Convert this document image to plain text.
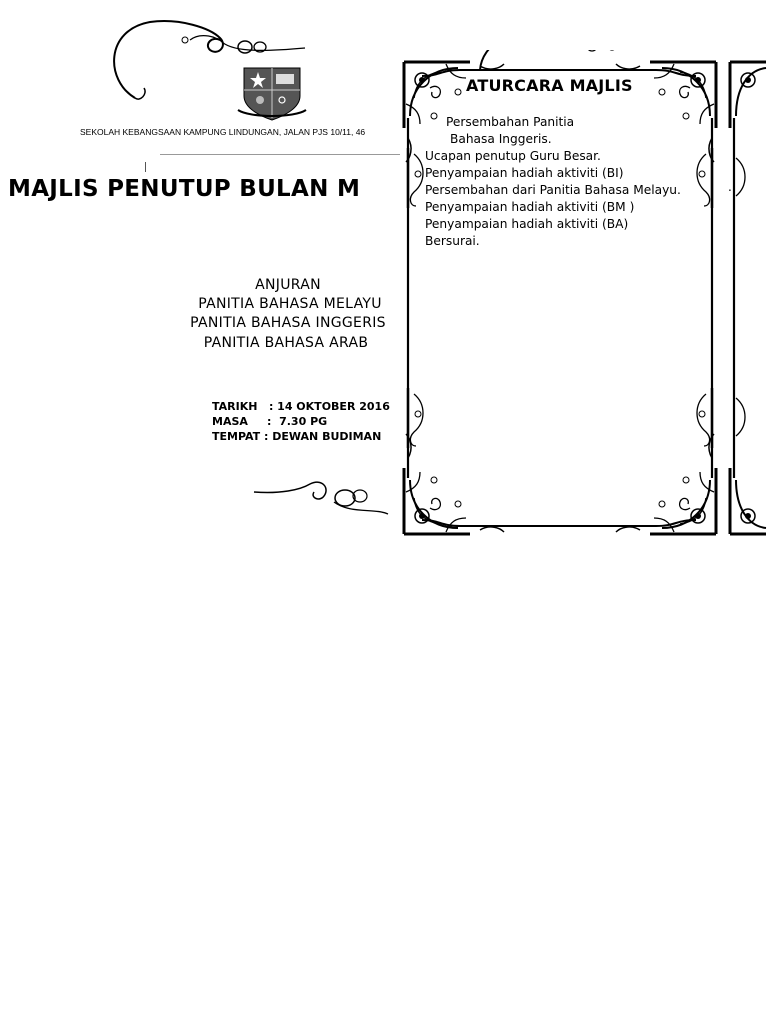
SEKOLAH KEBANGSAAN KAMPUNG LINDUNGAN, JALAN PJS 10/11, 46
MAJLIS PENUTUP BULAN M
ANJURAN
PANITIA BAHASA MELAYU
PANITIA BAHASA INGGERIS
PANITIA BAHASA ARAB
TARIKH   : 14 OKTOBER 2016
MASA     :  7.30 PG
TEMPAT : DEWAN BUDIMAN
ATURCARA MAJLIS
Persembahan Panitia
Bahasa Inggeris.
Ucapan penutup Guru Besar.
Penyampaian hadiah aktiviti (BI)
Persembahan dari Panitia Bahasa Melayu.
Penyampaian hadiah aktiviti (BM )
Penyampaian hadiah aktiviti (BA)
Bersurai.
.
